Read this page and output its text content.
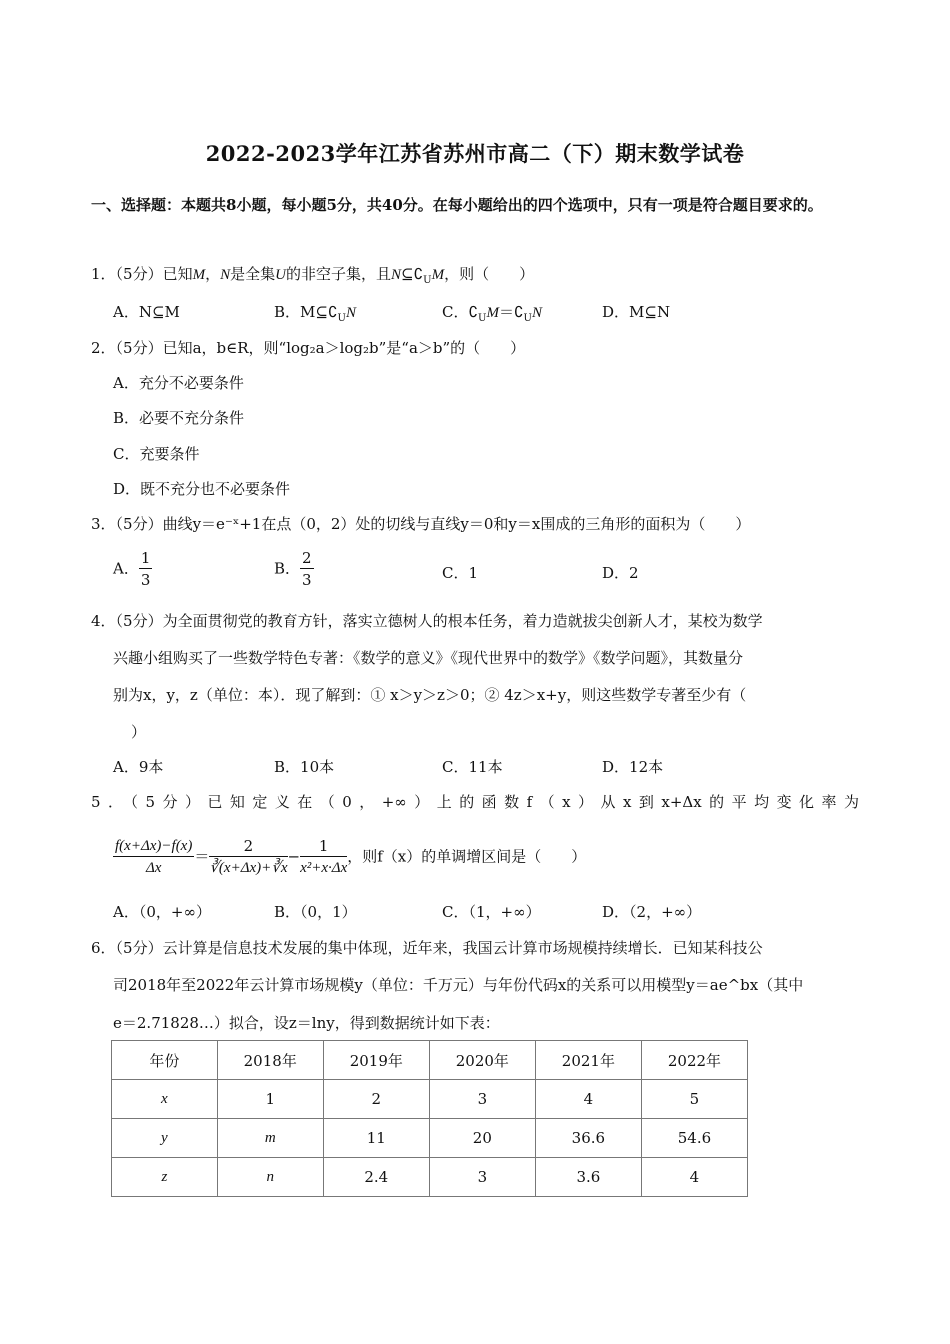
2022-2023学年江苏省苏州市高二（下）期末数学试卷
一、选择题：本题共8小题，每小题5分，共40分。在每小题给出的四个选项中，只有一项是符合题目要求的。
1．（5分）已知M，N是全集U的非空子集，且$N⊆∁_UM$，则（　　）
A．N⊆M	B．$M⊆∁_UN$	C．$∁_UM=∁_UN$	D．M⊆N
2．（5分）已知a，b∈R，则“log₂a＞log₂b”是“a＞b”的（　　）
A．充分不必要条件
B．必要不充分条件
C．充要条件
D．既不充分也不必要条件
3．（5分）曲线y＝e⁻ˣ+1在点（0，2）处的切线与直线y＝0和y＝x围成的三角形的面积为（　　）
A． $\frac{1}{3}$	B． $\frac{2}{3}$	C．1	D．2
4．（5分）为全面贯彻党的教育方针，落实立德树人的根本任务，着力造就拔尖创新人才，某校为数学
兴趣小组购买了一些数学特色专著：《数学的意义》《现代世界中的数学》《数学问题》，其数量分
别为x，y，z（单位：本）．现了解到：① x＞y＞z＞0；② 4z＞x+y，则这些数学专著至少有（
）
A．9本	B．10本	C．11本	D．12本
5．（5分）已知定义在（0，+∞）上的函数f（x）从x到x+Δx的平均变化率为
$\frac{f(x+\Delta x)-f(x)}{\Delta x} = \frac{2}{∛(x+\Delta x)+∛x} - \frac{1}{\text{x²+x·Δx}}$ ，则f（x）的单调增区间是（　　）
A．（0，+∞）	B．（0，1）	C．（1，+∞）	D．（2，+∞）
6．（5分）云计算是信息技术发展的集中体现，近年来，我国云计算市场规模持续增长．已知某科技公
司2018年至2022年云计算市场规模y（单位：千万元）与年份代码x的关系可以用模型y＝ae^bx（其中
e＝2.71828…）拟合，设z＝lny，得到数据统计如下表：
年份	2018年	2019年	2020年	2021年	2022年
x	1	2	3	4	5
y	m	11	20	36.6	54.6
z	n	2.4	3	3.6	4
